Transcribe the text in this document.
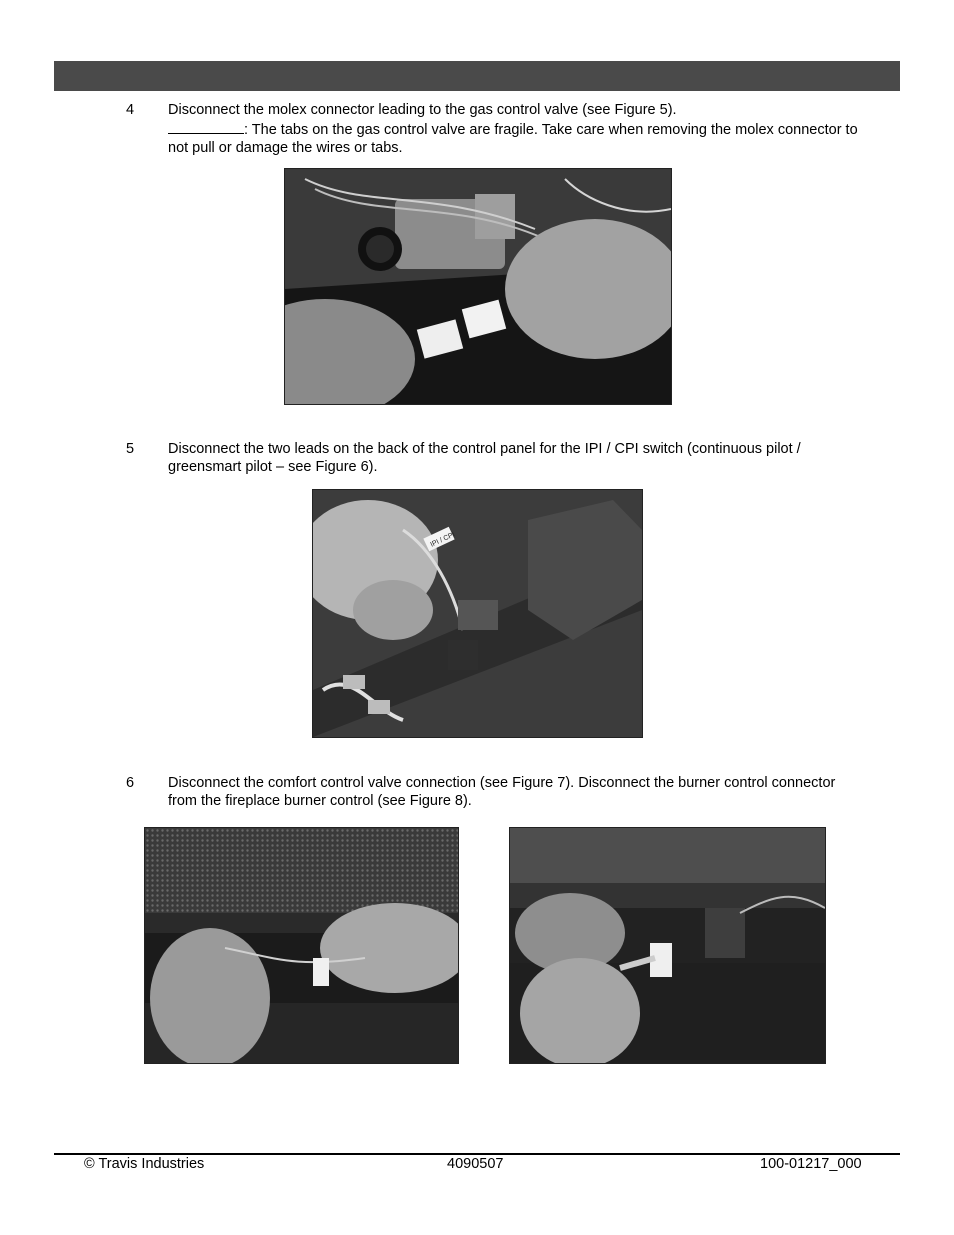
4 Disconnect the molex connector leading to the gas control valve (see Figure 5).
: The tabs on the gas control valve are fragile. Take care when removing the molex connector to not pull or damage the wires or tabs.
5 Disconnect the two leads on the back of the control panel for the IPI / CPI switch (continuous pilot / greensmart pilot – see Figure 6).
IPI / CPI
6 Disconnect the comfort control valve connection (see Figure 7). Disconnect the burner control connector from the fireplace burner control (see Figure 8).
© Travis Industries	4090507	100-01217_000
